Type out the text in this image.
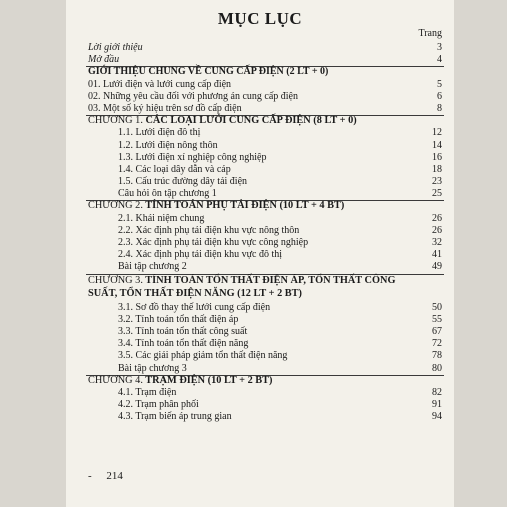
MỤC LỤC
Trang
Lời giới thiệu	3
Mở đầu	4
GIỚI THIỆU CHUNG VỀ CUNG CẤP ĐIỆN (2 LT + 0)
01. Lưới điện và lưới cung cấp điện	5
02. Những yêu cầu đối với phương án cung cấp điện	6
03. Một số ký hiệu trên sơ đồ cấp điện	8
CHƯƠNG 1. CÁC LOẠI LƯỚI CUNG CẤP ĐIỆN (8 LT + 0)
1.1. Lưới điện đô thị	12
1.2. Lưới điện nông thôn	14
1.3. Lưới điện xí nghiệp công nghiệp	16
1.4. Các loại dây dẫn và cáp	18
1.5. Cấu trúc đường dây tải điện	23
Câu hỏi ôn tập chương 1	25
CHƯƠNG 2. TÍNH TOÁN PHỤ TẢI ĐIỆN (10 LT + 4 BT)
2.1. Khái niệm chung	26
2.2. Xác định phụ tải điện khu vực nông thôn	26
2.3. Xác định phụ tải điện khu vực công nghiệp	32
2.4. Xác định phụ tải điện khu vực đô thị	41
Bài tập chương 2	49
CHƯƠNG 3. TÍNH TOÁN TỔN THẤT ĐIỆN ÁP, TỔN THẤT CÔNG SUẤT, TỔN THẤT ĐIỆN NĂNG (12 LT + 2 BT)
3.1. Sơ đồ thay thế lưới cung cấp điện	50
3.2. Tính toán tổn thất điện áp	55
3.3. Tính toán tổn thất công suất	67
3.4. Tính toán tổn thất điện năng	72
3.5. Các giải pháp giảm tổn thất điện năng	78
Bài tập chương 3	80
CHƯƠNG 4. TRẠM ĐIỆN (10 LT + 2 BT)
4.1. Trạm điện	82
4.2. Trạm phân phối	91
4.3. Trạm biến áp trung gian	94
- 214
